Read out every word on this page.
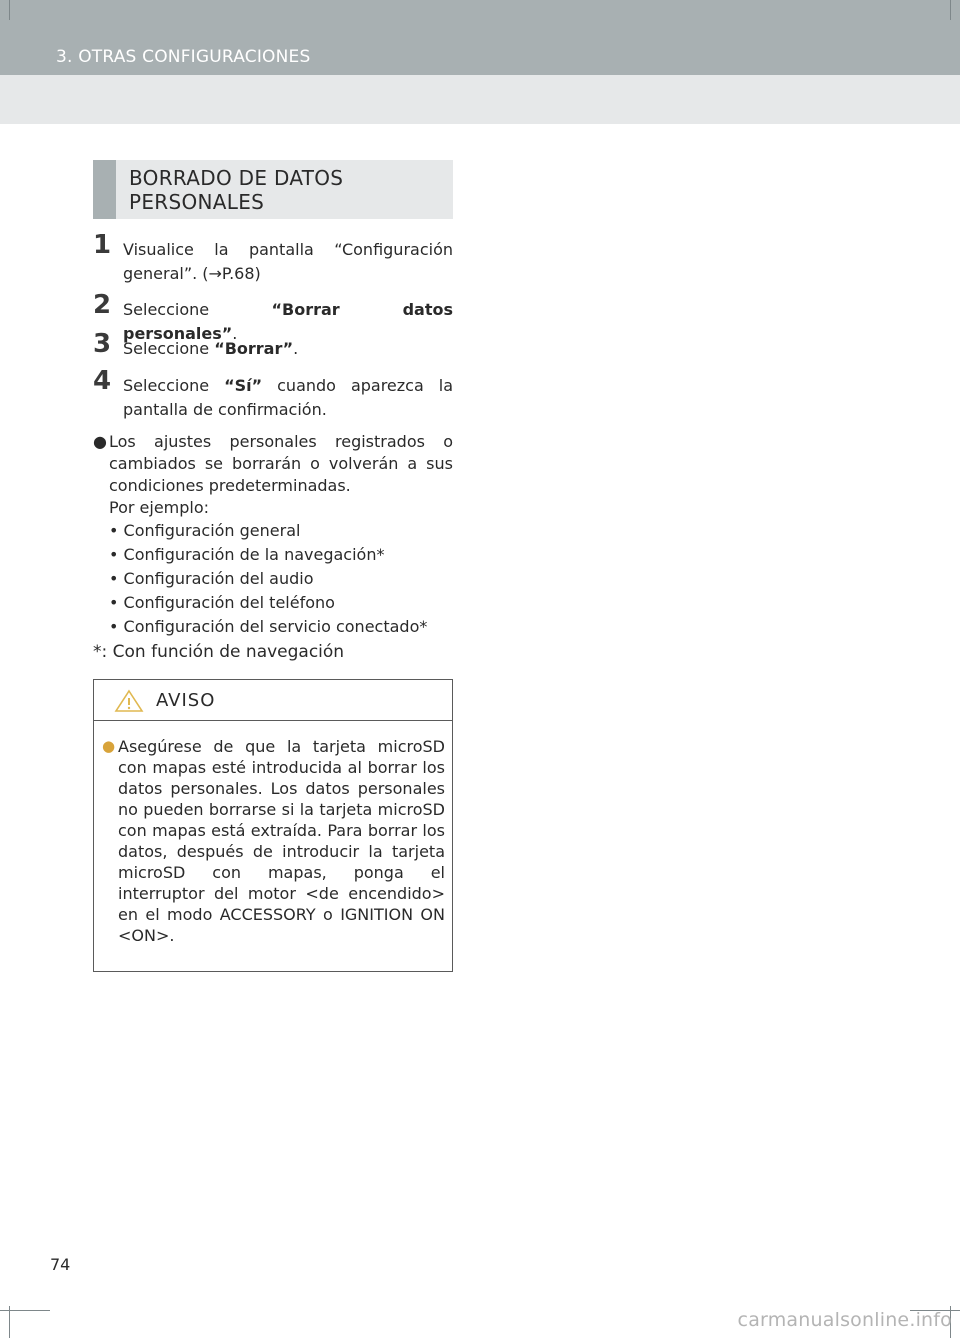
3. OTRAS CONFIGURACIONES
BORRADO DE DATOS
PERSONALES
1 Visualice la pantalla “Configuración general”. (→P.68)
2 Seleccione “Borrar datos personales”.
3 Seleccione “Borrar”.
4 Seleccione “Sí” cuando aparezca la pantalla de confirmación.
● Los ajustes personales registrados o cambiados se borrarán o volverán a sus condiciones predeterminadas.
Por ejemplo:
• Configuración general
• Configuración de la navegación*
• Configuración del audio
• Configuración del teléfono
• Configuración del servicio conectado*
*: Con función de navegación
AVISO
● Asegúrese de que la tarjeta microSD con mapas esté introducida al borrar los datos personales. Los datos personales no pueden borrarse si la tarjeta microSD con mapas está extraída. Para borrar los datos, después de introducir la tarjeta microSD con mapas, ponga el interruptor del motor <de encendido> en el modo ACCESSORY o IGNITION ON <ON>.
74
carmanualsonline.info
